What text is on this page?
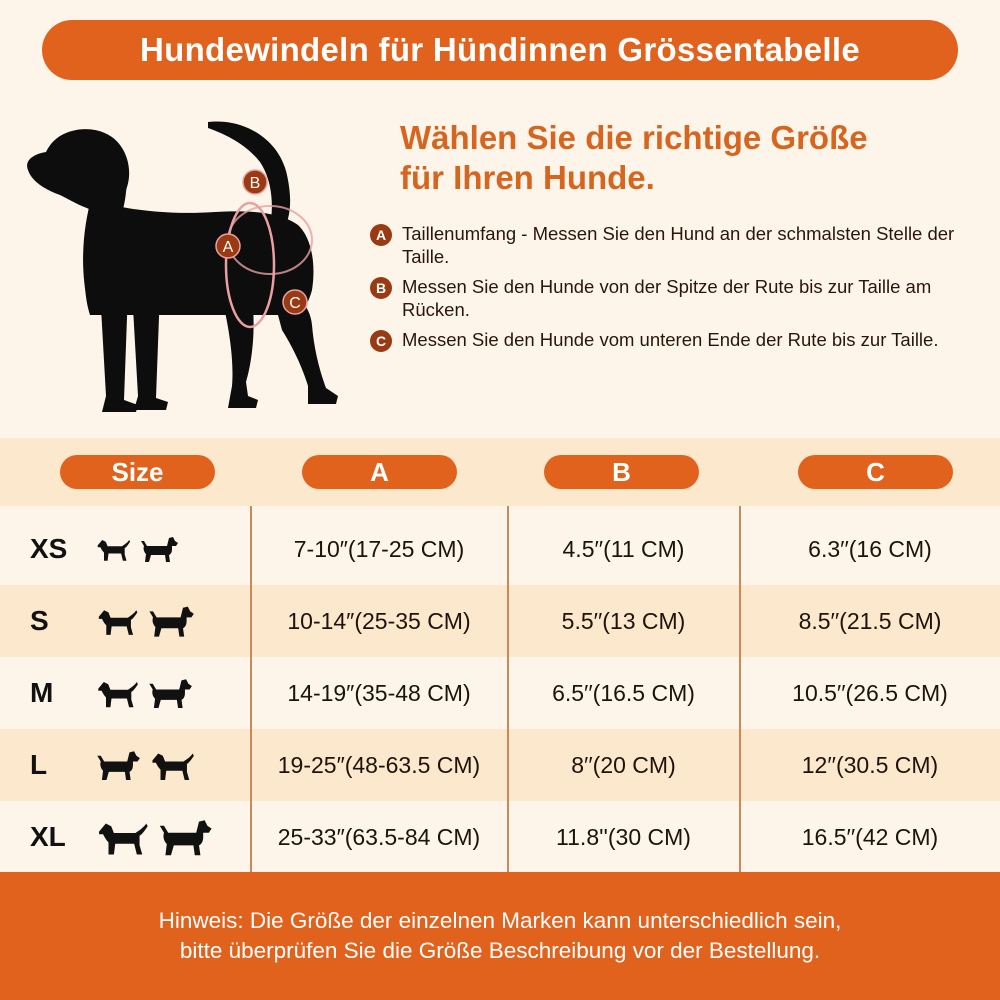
Hundewindeln für Hündinnen Grössentabelle
B
A
C
Wählen Sie die richtige Größe
für Ihren Hunde.
A Taillenumfang - Messen Sie den Hund an der schmalsten Stelle der Taille.
B Messen Sie den Hunde von der Spitze der Rute bis zur Taille am Rücken.
C Messen Sie den Hunde vom unteren Ende der Rute bis zur Taille.
Size	A	B	C
XS	7-10″(17-25 CM)	4.5′′(11 CM)	6.3′′(16 CM)
S	10-14″(25-35 CM)	5.5′′(13 CM)	8.5′′(21.5 CM)
M	14-19″(35-48 CM)	6.5′′(16.5 CM)	10.5′′(26.5 CM)
L	19-25″(48-63.5 CM)	8′′(20 CM)	12′′(30.5 CM)
XL	25-33″(63.5-84 CM)	11.8''(30 CM)	16.5′′(42 CM)
Hinweis: Die Größe der einzelnen Marken kann unterschiedlich sein,
bitte überprüfen Sie die Größe Beschreibung vor der Bestellung.
